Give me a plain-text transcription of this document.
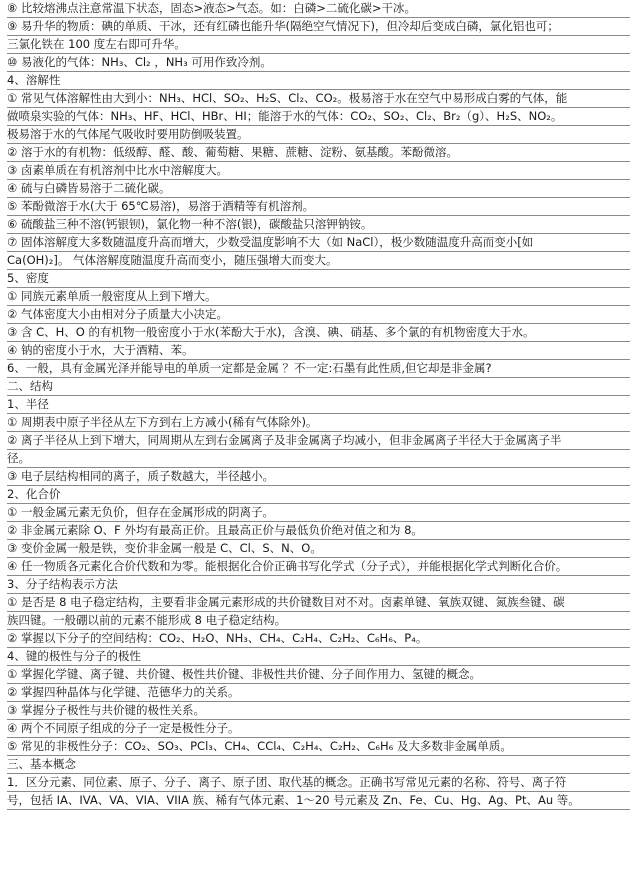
⑧ 比较熔沸点注意常温下状态，固态>液态>气态。如：白磷>二硫化碳>干冰。
⑨ 易升华的物质：碘的单质、干冰，还有红磷也能升华(隔绝空气情况下)，但冷却后变成白磷，氯化铝也可；
三氯化铁在 100 度左右即可升华。
⑩ 易液化的气体：NH₃、Cl₂ ，NH₃ 可用作致冷剂。
4、溶解性
① 常见气体溶解性由大到小：NH₃、HCl、SO₂、H₂S、Cl₂、CO₂。极易溶于水在空气中易形成白雾的气体，能
做喷泉实验的气体：NH₃、HF、HCl、HBr、HI；能溶于水的气体：CO₂、SO₂、Cl₂、Br₂（g）、H₂S、NO₂。
极易溶于水的气体尾气吸收时要用防倒吸装置。
② 溶于水的有机物：低级醇、醛、酸、葡萄糖、果糖、蔗糖、淀粉、氨基酸。苯酚微溶。
③ 卤素单质在有机溶剂中比水中溶解度大。
④ 硫与白磷皆易溶于二硫化碳。
⑤ 苯酚微溶于水(大于 65℃易溶)，易溶于酒精等有机溶剂。
⑥ 硫酸盐三种不溶(钙银钡)，氯化物一种不溶(银)，碳酸盐只溶钾钠铵。
⑦ 固体溶解度大多数随温度升高而增大，少数受温度影响不大（如 NaCl），极少数随温度升高而变小[如
Ca(OH)₂]。 气体溶解度随温度升高而变小，随压强增大而变大。
5、密度
① 同族元素单质一般密度从上到下增大。
② 气体密度大小由相对分子质量大小决定。
③ 含 C、H、O 的有机物一般密度小于水(苯酚大于水)，含溴、碘、硝基、多个氯的有机物密度大于水。
④ 钠的密度小于水，大于酒精、苯。
6、一般，具有金属光泽并能导电的单质一定都是金属 ？不一定:石墨有此性质,但它却是非金属?
二、结构
1、半径
① 周期表中原子半径从左下方到右上方减小(稀有气体除外)。
② 离子半径从上到下增大，同周期从左到右金属离子及非金属离子均减小，但非金属离子半径大于金属离子半
径。
③ 电子层结构相同的离子，质子数越大，半径越小。
2、化合价
① 一般金属元素无负价，但存在金属形成的阴离子。
② 非金属元素除 O、F 外均有最高正价。且最高正价与最低负价绝对值之和为 8。
③ 变价金属一般是铁，变价非金属一般是 C、Cl、S、N、O。
④ 任一物质各元素化合价代数和为零。能根据化合价正确书写化学式（分子式），并能根据化学式判断化合价。
3、分子结构表示方法
① 是否是 8 电子稳定结构，主要看非金属元素形成的共价键数目对不对。卤素单键、氧族双键、氮族叁键、碳
族四键。一般硼以前的元素不能形成 8 电子稳定结构。
② 掌握以下分子的空间结构：CO₂、H₂O、NH₃、CH₄、C₂H₄、C₂H₂、C₆H₆、P₄。
4、键的极性与分子的极性
① 掌握化学键、离子键、共价键、极性共价键、非极性共价键、分子间作用力、氢键的概念。
② 掌握四种晶体与化学键、范德华力的关系。
③ 掌握分子极性与共价键的极性关系。
④ 两个不同原子组成的分子一定是极性分子。
⑤ 常见的非极性分子：CO₂、SO₃、PCl₃、CH₄、CCl₄、C₂H₄、C₂H₂、C₆H₆ 及大多数非金属单质。
三、基本概念
1．区分元素、同位素、原子、分子、离子、原子团、取代基的概念。正确书写常见元素的名称、符号、离子符
号，包括 IA、IVA、VA、VIA、VIIA 族、稀有气体元素、1～20 号元素及 Zn、Fe、Cu、Hg、Ag、Pt、Au 等。
